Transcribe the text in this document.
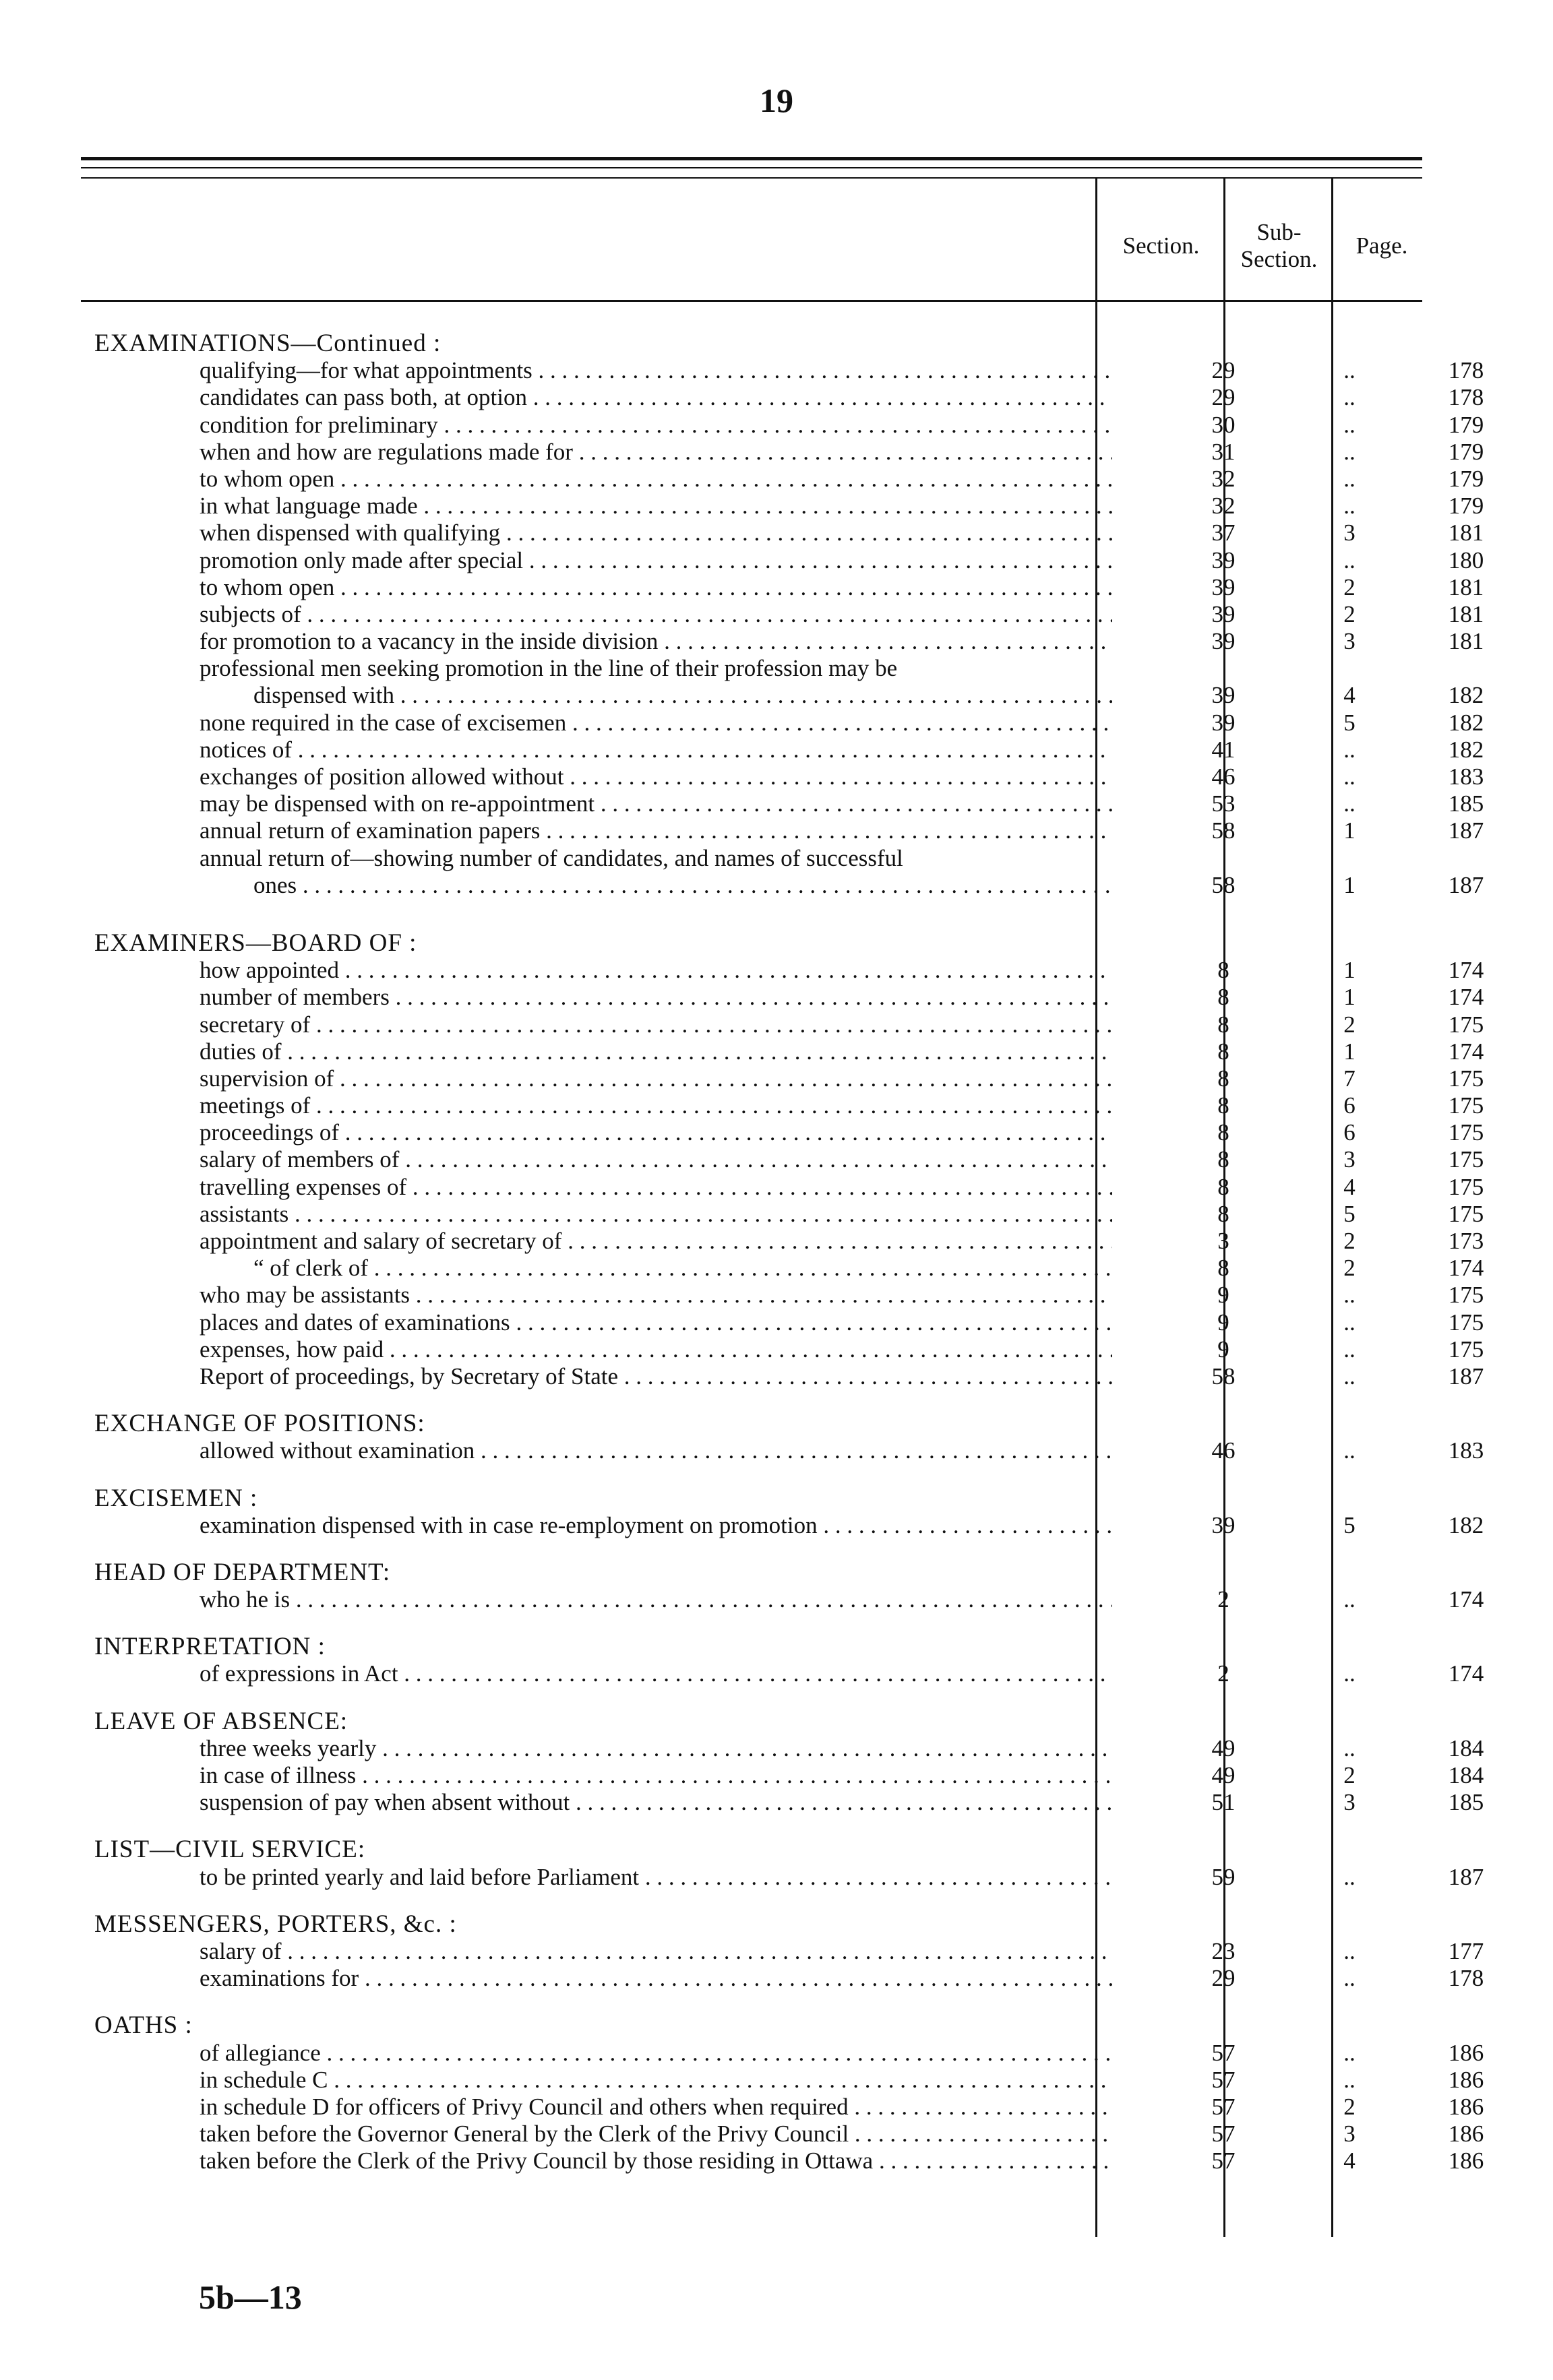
19
Section.
Sub-Section.
Page.
EXAMINATIONS—Continued :
qualifying—for what appointments . . .	29	..	178
candidates can pass both, at option . . .	29	..	178
condition for preliminary . . .	30	..	179
when and how are regulations made for . . .	31	..	179
to whom open . . .	32	..	179
in what language made . . .	32	..	179
when dispensed with qualifying . . .	37	3	181
promotion only made after special . . .	39	..	180
to whom open . . .	39	2	181
subjects of . . .	39	2	181
for promotion to a vacancy in the inside division . . .	39	3	181
professional men seeking promotion in the line of their profession may be
dispensed with . . .	39	4	182
none required in the case of excisemen . . .	39	5	182
notices of . . .	41	..	182
exchanges of position allowed without . . .	46	..	183
may be dispensed with on re-appointment . . .	53	..	185
annual return of examination papers . . .	58	1	187
annual return of—showing number of candidates, and names of successful
ones . . .	58	1	187
EXAMINERS—BOARD OF :
how appointed . . .	8	1	174
number of members . . .	8	1	174
secretary of . . .	8	2	175
duties of . . .	8	1	174
supervision of . . .	8	7	175
meetings of . . .	8	6	175
proceedings of . . .	8	6	175
salary of members of . . .	8	3	175
travelling expenses of . . .	8	4	175
assistants . . .	8	5	175
appointment and salary of secretary of . . .	3	2	173
“ of clerk of . . .	8	2	174
who may be assistants . . .	9	..	175
places and dates of examinations . . .	9	..	175
expenses, how paid . . .	9	..	175
Report of proceedings, by Secretary of State . . .	58	..	187
EXCHANGE OF POSITIONS:
allowed without examination . . .	46	..	183
EXCISEMEN :
examination dispensed with in case re-employment on promotion . . .	39	5	182
HEAD OF DEPARTMENT:
who he is . . .	2	..	174
INTERPRETATION :
of expressions in Act . . .	2	..	174
LEAVE OF ABSENCE:
three weeks yearly . . .	49	..	184
in case of illness . . .	49	2	184
suspension of pay when absent without . . .	51	3	185
LIST—CIVIL SERVICE:
to be printed yearly and laid before Parliament . . .	59	..	187
MESSENGERS, PORTERS, &c. :
salary of . . .	23	..	177
examinations for . . .	29	..	178
OATHS :
of allegiance . . .	57	..	186
in schedule C . . .	57	..	186
in schedule D for officers of Privy Council and others when required . . .	57	2	186
taken before the Governor General by the Clerk of the Privy Council . . .	57	3	186
taken before the Clerk of the Privy Council by those residing in Ottawa . . .	57	4	186
5b—13
